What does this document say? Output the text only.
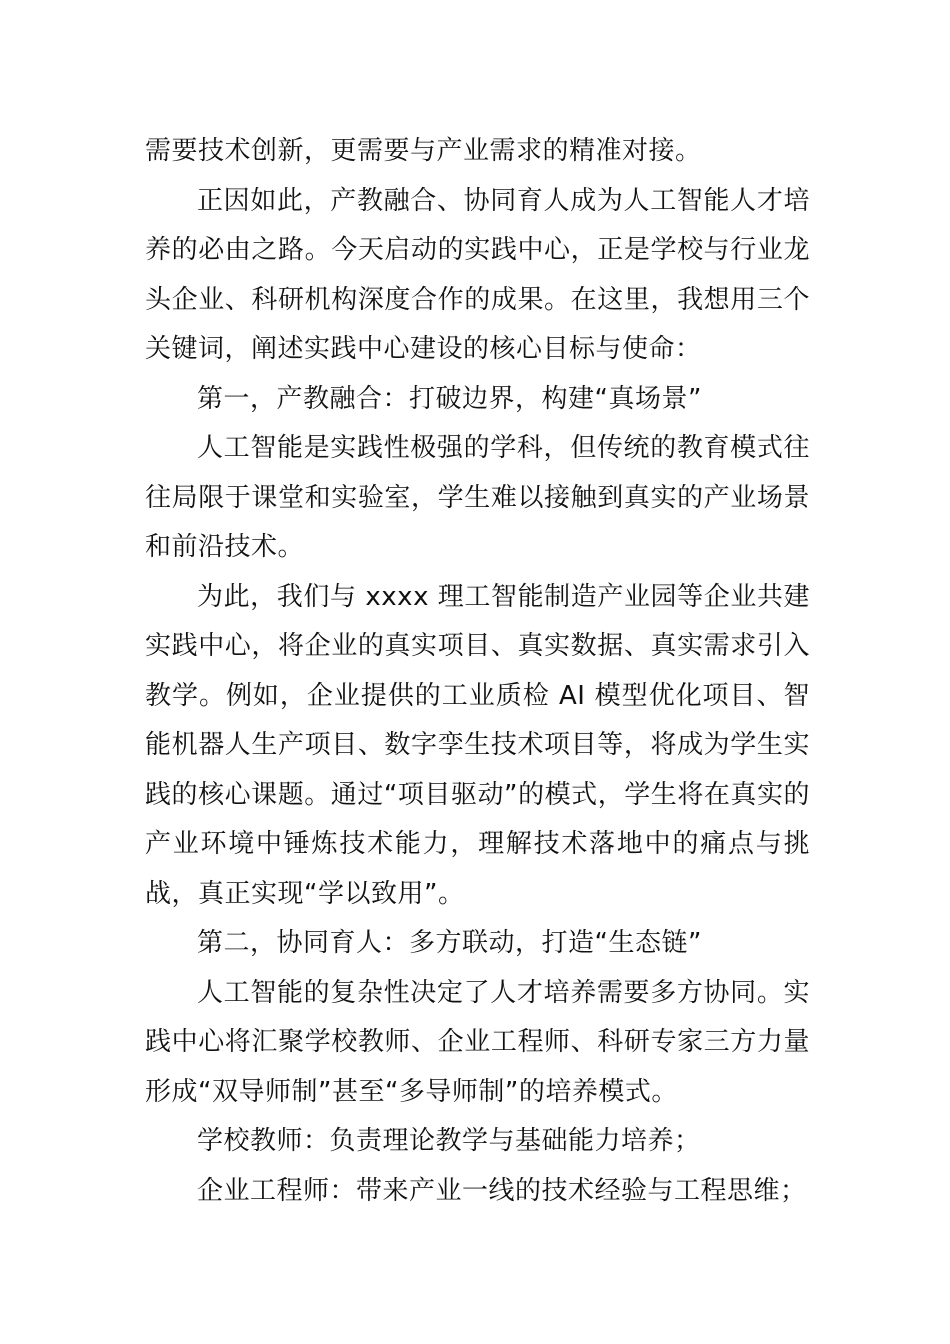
需要技术创新，更需要与产业需求的精准对接。

正因如此，产教融合、协同育人成为人工智能人才培养的必由之路。今天启动的实践中心，正是学校与行业龙头企业、科研机构深度合作的成果。在这里，我想用三个关键词，阐述实践中心建设的核心目标与使命：

第一，产教融合：打破边界，构建“真场景”

人工智能是实践性极强的学科，但传统的教育模式往往局限于课堂和实验室，学生难以接触到真实的产业场景和前沿技术。

为此，我们与 xxxx 理工智能制造产业园等企业共建实践中心，将企业的真实项目、真实数据、真实需求引入教学。例如，企业提供的工业质检 AI 模型优化项目、智能机器人生产项目、数字孪生技术项目等，将成为学生实践的核心课题。通过“项目驱动”的模式，学生将在真实的产业环境中锤炼技术能力，理解技术落地中的痛点与挑战，真正实现“学以致用”。

第二，协同育人：多方联动，打造“生态链”

人工智能的复杂性决定了人才培养需要多方协同。实践中心将汇聚学校教师、企业工程师、科研专家三方力量形成“双导师制”甚至“多导师制”的培养模式。

学校教师：负责理论教学与基础能力培养；

企业工程师：带来产业一线的技术经验与工程思维；
